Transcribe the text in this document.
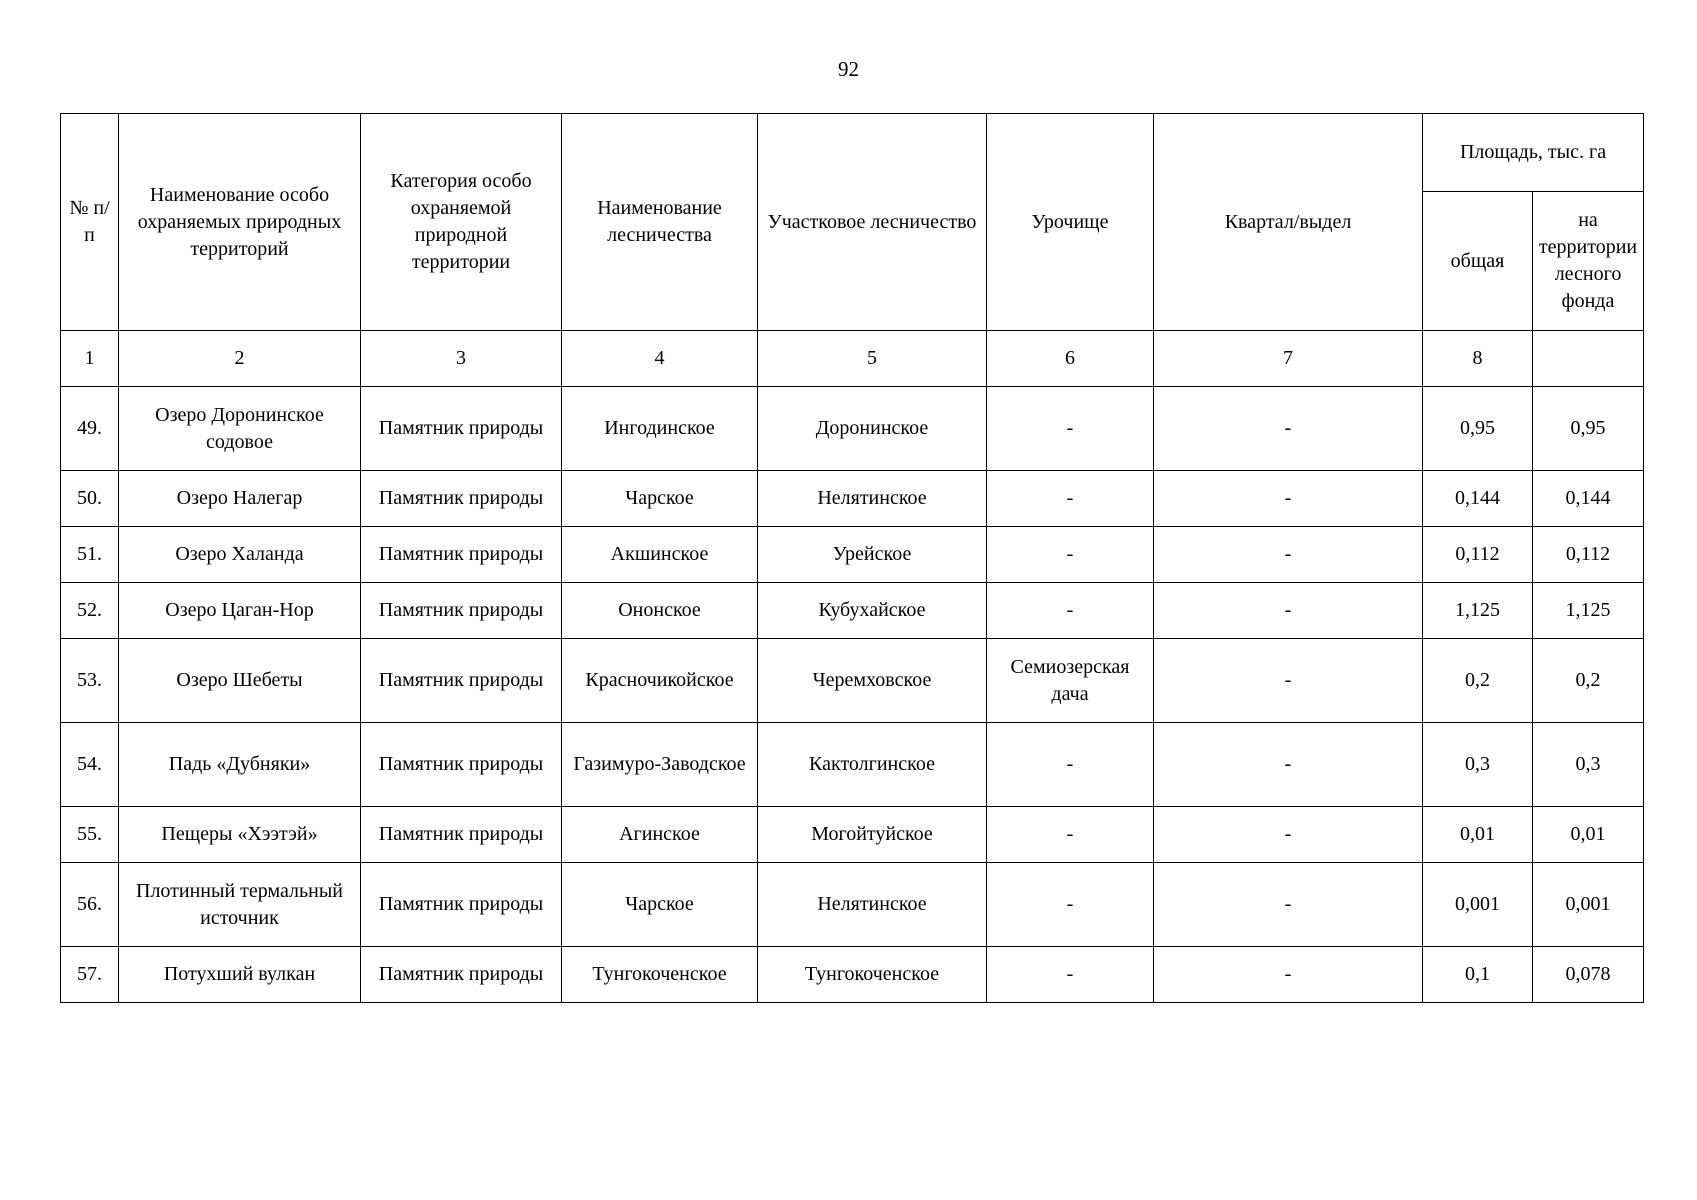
92
№ п/п	Наименование особо охраняемых природных территорий	Категория особо охраняемой природной территории	Наименование лесничества	Участковое лесничество	Урочище	Квартал/выдел	Площадь, тыс. га	
							общая	на территории лесного фонда
1	2	3	4	5	6	7	8	
49.	Озеро Доронинское содовое	Памятник природы	Ингодинское	Доронинское	-	-	0,95	0,95
50.	Озеро Налегар	Памятник природы	Чарское	Нелятинское	-	-	0,144	0,144
51.	Озеро Халанда	Памятник природы	Акшинское	Урейское	-	-	0,112	0,112
52.	Озеро Цаган-Нор	Памятник природы	Ононское	Кубухайское	-	-	1,125	1,125
53.	Озеро Шебеты	Памятник природы	Красночикойское	Черемховское	Семиозерская дача	-	0,2	0,2
54.	Падь «Дубняки»	Памятник природы	Газимуро-Заводское	Кактолгинское	-	-	0,3	0,3
55.	Пещеры «Хээтэй»	Памятник природы	Агинское	Могойтуйское	-	-	0,01	0,01
56.	Плотинный термальный источник	Памятник природы	Чарское	Нелятинское	-	-	0,001	0,001
57.	Потухший вулкан	Памятник природы	Тунгокоченское	Тунгокоченское	-	-	0,1	0,078
